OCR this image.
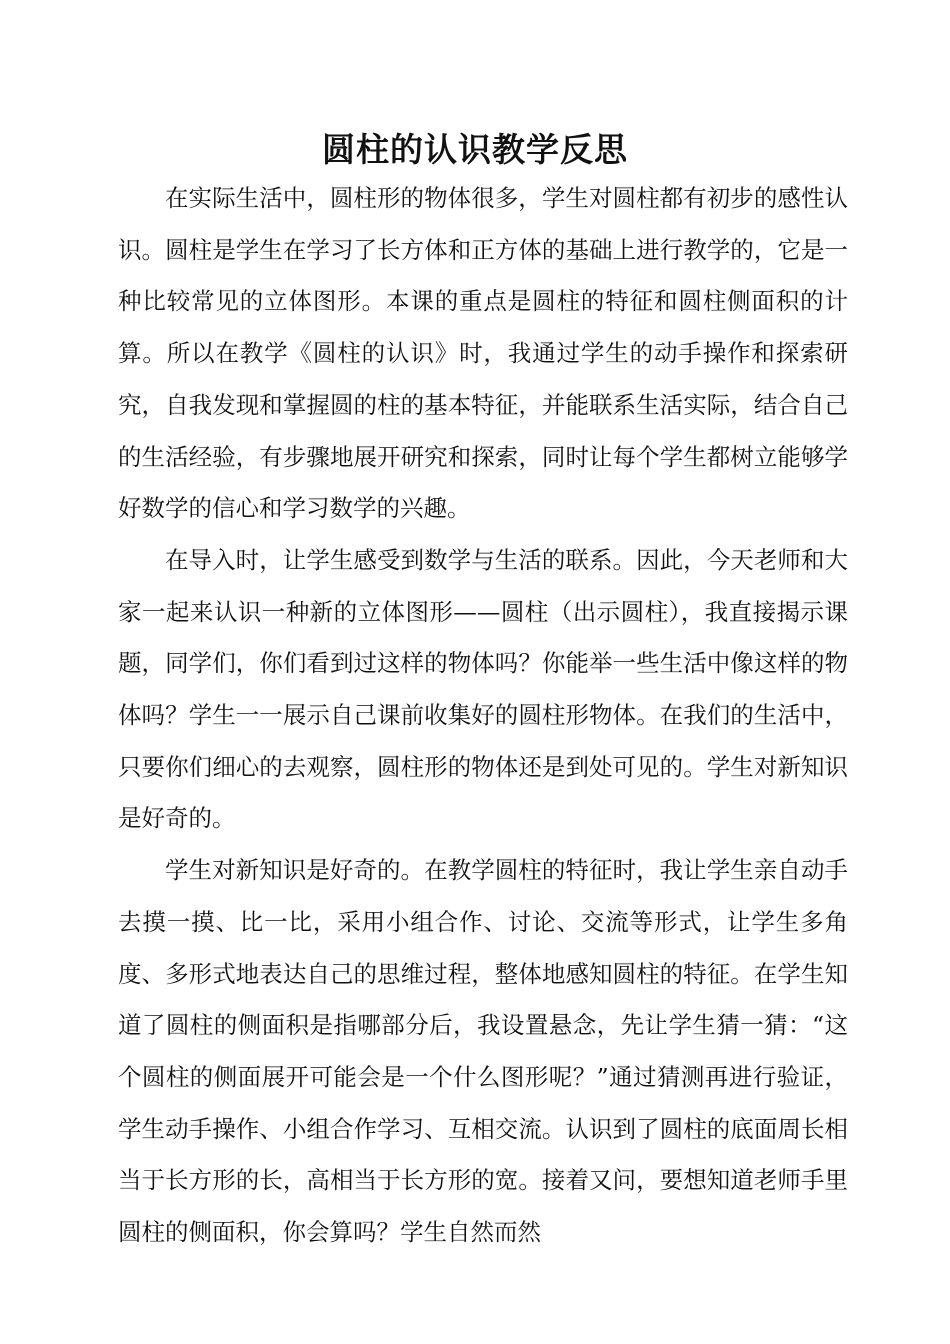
圆柱的认识教学反思

在实际生活中，圆柱形的物体很多，学生对圆柱都有初步的感性认识。圆柱是学生在学习了长方体和正方体的基础上进行教学的，它是一种比较常见的立体图形。本课的重点是圆柱的特征和圆柱侧面积的计算。所以在教学《圆柱的认识》时，我通过学生的动手操作和探索研究，自我发现和掌握圆的柱的基本特征，并能联系生活实际，结合自己的生活经验，有步骤地展开研究和探索，同时让每个学生都树立能够学好数学的信心和学习数学的兴趣。

在导入时，让学生感受到数学与生活的联系。因此，今天老师和大家一起来认识一种新的立体图形——圆柱（出示圆柱），我直接揭示课题，同学们，你们看到过这样的物体吗？你能举一些生活中像这样的物体吗？学生一一展示自己课前收集好的圆柱形物体。在我们的生活中，只要你们细心的去观察，圆柱形的物体还是到处可见的。学生对新知识是好奇的。

学生对新知识是好奇的。在教学圆柱的特征时，我让学生亲自动手去摸一摸、比一比，采用小组合作、讨论、交流等形式，让学生多角度、多形式地表达自己的思维过程，整体地感知圆柱的特征。在学生知道了圆柱的侧面积是指哪部分后，我设置悬念，先让学生猜一猜：“这个圆柱的侧面展开可能会是一个什么图形呢？”通过猜测再进行验证，学生动手操作、小组合作学习、互相交流。认识到了圆柱的底面周长相当于长方形的长，高相当于长方形的宽。接着又问，要想知道老师手里圆柱的侧面积，你会算吗？学生自然而然
